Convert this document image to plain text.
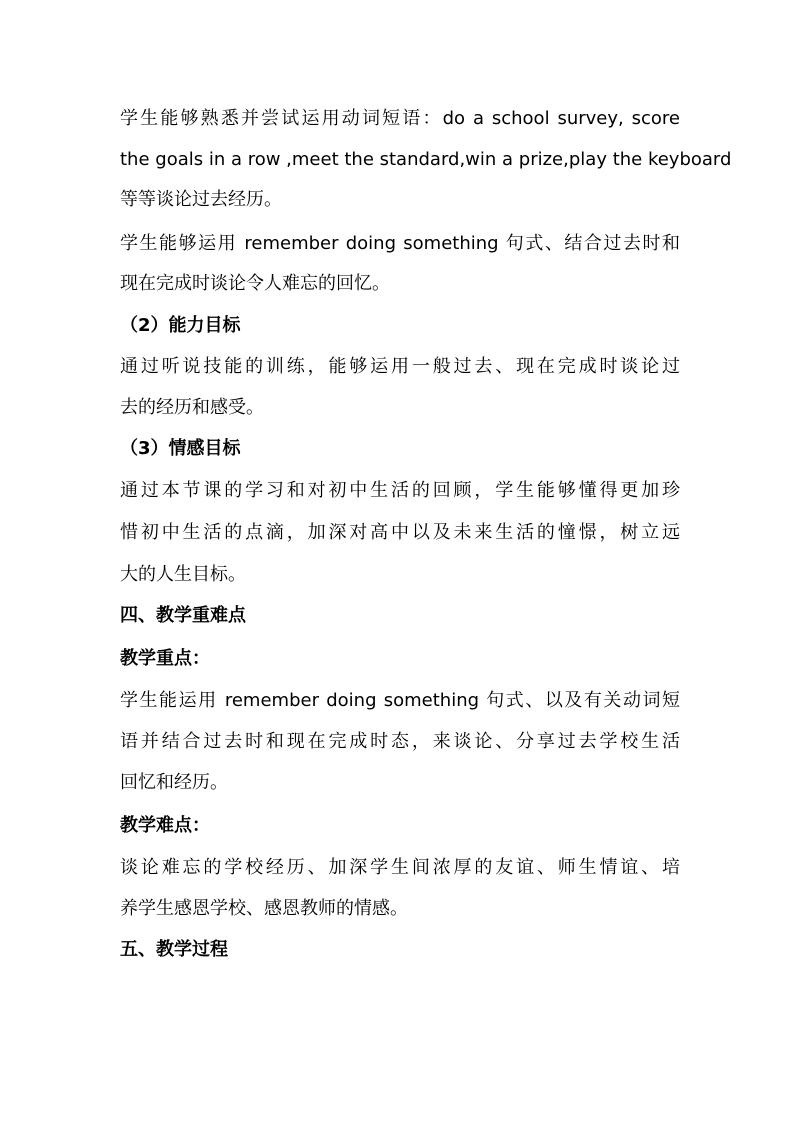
学生能够熟悉并尝试运用动词短语：do a school survey, score
the goals in a row ,meet the standard,win a prize,play the keyboard
等等谈论过去经历。
学生能够运用 remember doing something 句式、结合过去时和
现在完成时谈论令人难忘的回忆。
（2）能力目标
通过听说技能的训练，能够运用一般过去、现在完成时谈论过
去的经历和感受。
（3）情感目标
通过本节课的学习和对初中生活的回顾，学生能够懂得更加珍
惜初中生活的点滴，加深对高中以及未来生活的憧憬，树立远
大的人生目标。
四、教学重难点
教学重点：
学生能运用 remember doing something 句式、以及有关动词短
语并结合过去时和现在完成时态，来谈论、分享过去学校生活
回忆和经历。
教学难点：
谈论难忘的学校经历、加深学生间浓厚的友谊、师生情谊、培
养学生感恩学校、感恩教师的情感。
五、教学过程
